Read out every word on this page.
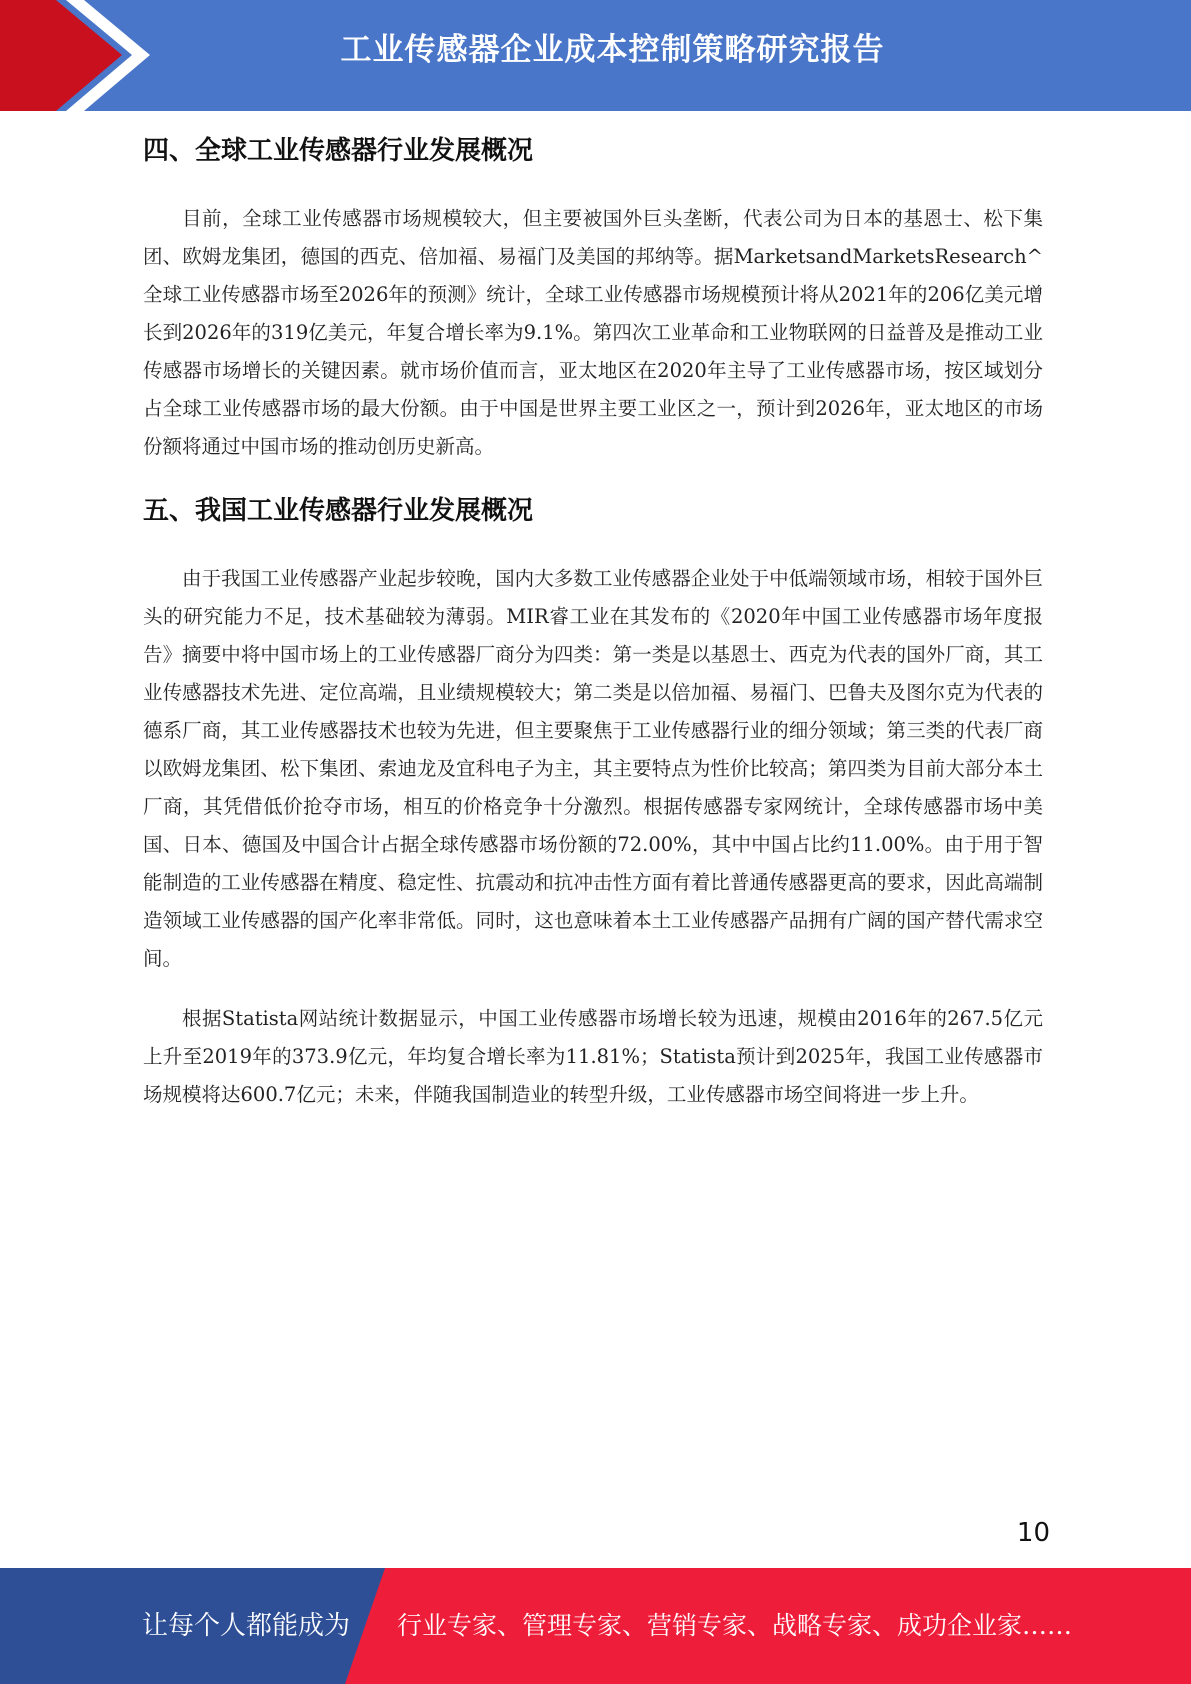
工业传感器企业成本控制策略研究报告
四、全球工业传感器行业发展概况

目前，全球工业传感器市场规模较大，但主要被国外巨头垄断，代表公司为日本的基恩士、松下集团、欧姆龙集团，德国的西克、倍加福、易福门及美国的邦纳等。据MarketsandMarketsResearch^全球工业传感器市场至2026年的预测》统计，全球工业传感器市场规模预计将从2021年的206亿美元增长到2026年的319亿美元，年复合增长率为9.1%。第四次工业革命和工业物联网的日益普及是推动工业传感器市场增长的关键因素。就市场价值而言，亚太地区在2020年主导了工业传感器市场，按区域划分占全球工业传感器市场的最大份额。由于中国是世界主要工业区之一，预计到2026年，亚太地区的市场份额将通过中国市场的推动创历史新高。

五、我国工业传感器行业发展概况

由于我国工业传感器产业起步较晚，国内大多数工业传感器企业处于中低端领域市场，相较于国外巨头的研究能力不足，技术基础较为薄弱。MIR睿工业在其发布的《2020年中国工业传感器市场年度报告》摘要中将中国市场上的工业传感器厂商分为四类：第一类是以基恩士、西克为代表的国外厂商，其工业传感器技术先进、定位高端，且业绩规模较大；第二类是以倍加福、易福门、巴鲁夫及图尔克为代表的德系厂商，其工业传感器技术也较为先进，但主要聚焦于工业传感器行业的细分领域；第三类的代表厂商以欧姆龙集团、松下集团、索迪龙及宜科电子为主，其主要特点为性价比较高；第四类为目前大部分本土厂商，其凭借低价抢夺市场，相互的价格竞争十分激烈。根据传感器专家网统计，全球传感器市场中美国、日本、德国及中国合计占据全球传感器市场份额的72.00%，其中中国占比约11.00%。由于用于智能制造的工业传感器在精度、稳定性、抗震动和抗冲击性方面有着比普通传感器更高的要求，因此高端制造领域工业传感器的国产化率非常低。同时，这也意味着本土工业传感器产品拥有广阔的国产替代需求空间。

根据Statista网站统计数据显示，中国工业传感器市场增长较为迅速，规模由2016年的267.5亿元上升至2019年的373.9亿元，年均复合增长率为11.81%；Statista预计到2025年，我国工业传感器市场规模将达600.7亿元；未来，伴随我国制造业的转型升级，工业传感器市场空间将进一步上升。

10
让每个人都能成为 行业专家、管理专家、营销专家、战略专家、成功企业家……
